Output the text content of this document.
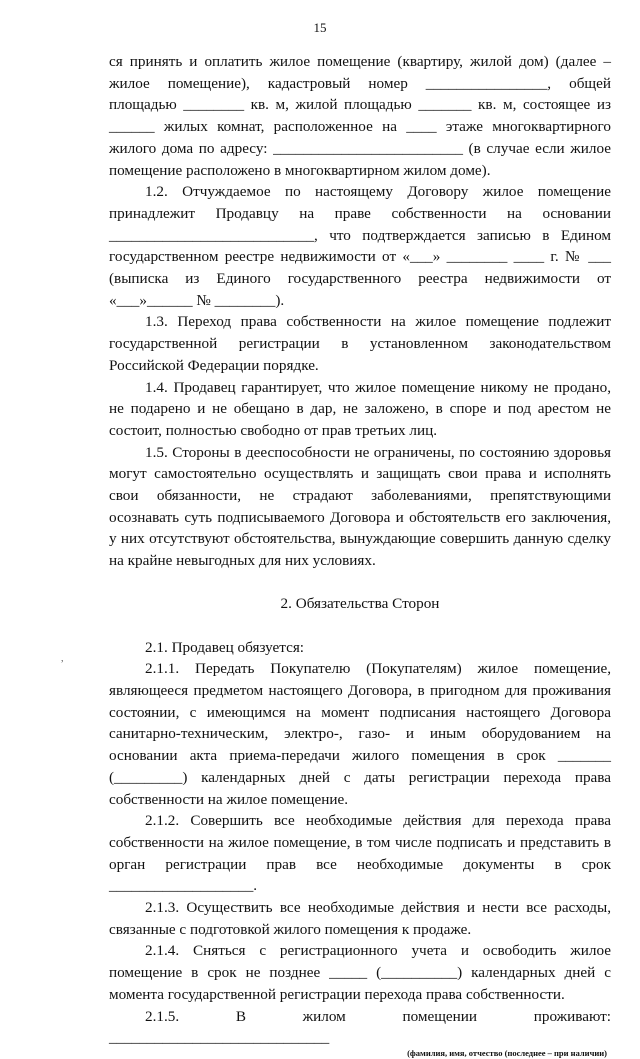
15
,

ся принять и оплатить жилое помещение (квартиру, жилой дом) (далее – жилое помещение), кадастровый номер ________________, общей площадью ________ кв. м, жилой площадью _______ кв. м, состоящее из ______ жилых комнат, расположенное на ____ этаже многоквартирного жилого дома по адресу: _________________________ (в случае если жилое помещение расположено в многоквартирном жилом доме).

1.2. Отчуждаемое по настоящему Договору жилое помещение принадлежит Продавцу на праве собственности на основании ___________________________, что подтверждается записью в Едином государственном реестре недвижимости от «___» ________ ____ г. № ___ (выписка из Единого государственного реестра недвижимости от «___»______ № ________).

1.3. Переход права собственности на жилое помещение подлежит государственной регистрации в установленном законодательством Российской Федерации порядке.

1.4. Продавец гарантирует, что жилое помещение никому не продано, не подарено и не обещано в дар, не заложено, в споре и под арестом не состоит, полностью свободно от прав третьих лиц.

1.5. Стороны в дееспособности не ограничены, по состоянию здоровья могут самостоятельно осуществлять и защищать свои права и исполнять свои обязанности, не страдают заболеваниями, препятствующими осознавать суть подписываемого Договора и обстоятельств его заключения, у них отсутствуют обстоятельства, вынуждающие совершить данную сделку на крайне невыгодных для них условиях.

2. Обязательства Сторон

2.1. Продавец обязуется:

2.1.1. Передать Покупателю (Покупателям) жилое помещение, являющееся предметом настоящего Договора, в пригодном для проживания состоянии, с имеющимся на момент подписания настоящего Договора санитарно-техническим, электро-, газо- и иным оборудованием на основании акта приема-передачи жилого помещения в срок _______ (_________) календарных дней с даты регистрации перехода права собственности на жилое помещение.

2.1.2. Совершить все необходимые действия для перехода права собственности на жилое помещение, в том числе подписать и представить в орган регистрации прав все необходимые документы в срок ___________________.

2.1.3. Осуществить все необходимые действия и нести все расходы, связанные с подготовкой жилого помещения к продаже.

2.1.4. Сняться с регистрационного учета и освободить жилое помещение в срок не позднее _____ (__________) календарных дней с момента государственной регистрации перехода права собственности.

2.1.5. В жилом помещении проживают: _____________________________

(фамилия, имя, отчество (последнее – при наличии)
